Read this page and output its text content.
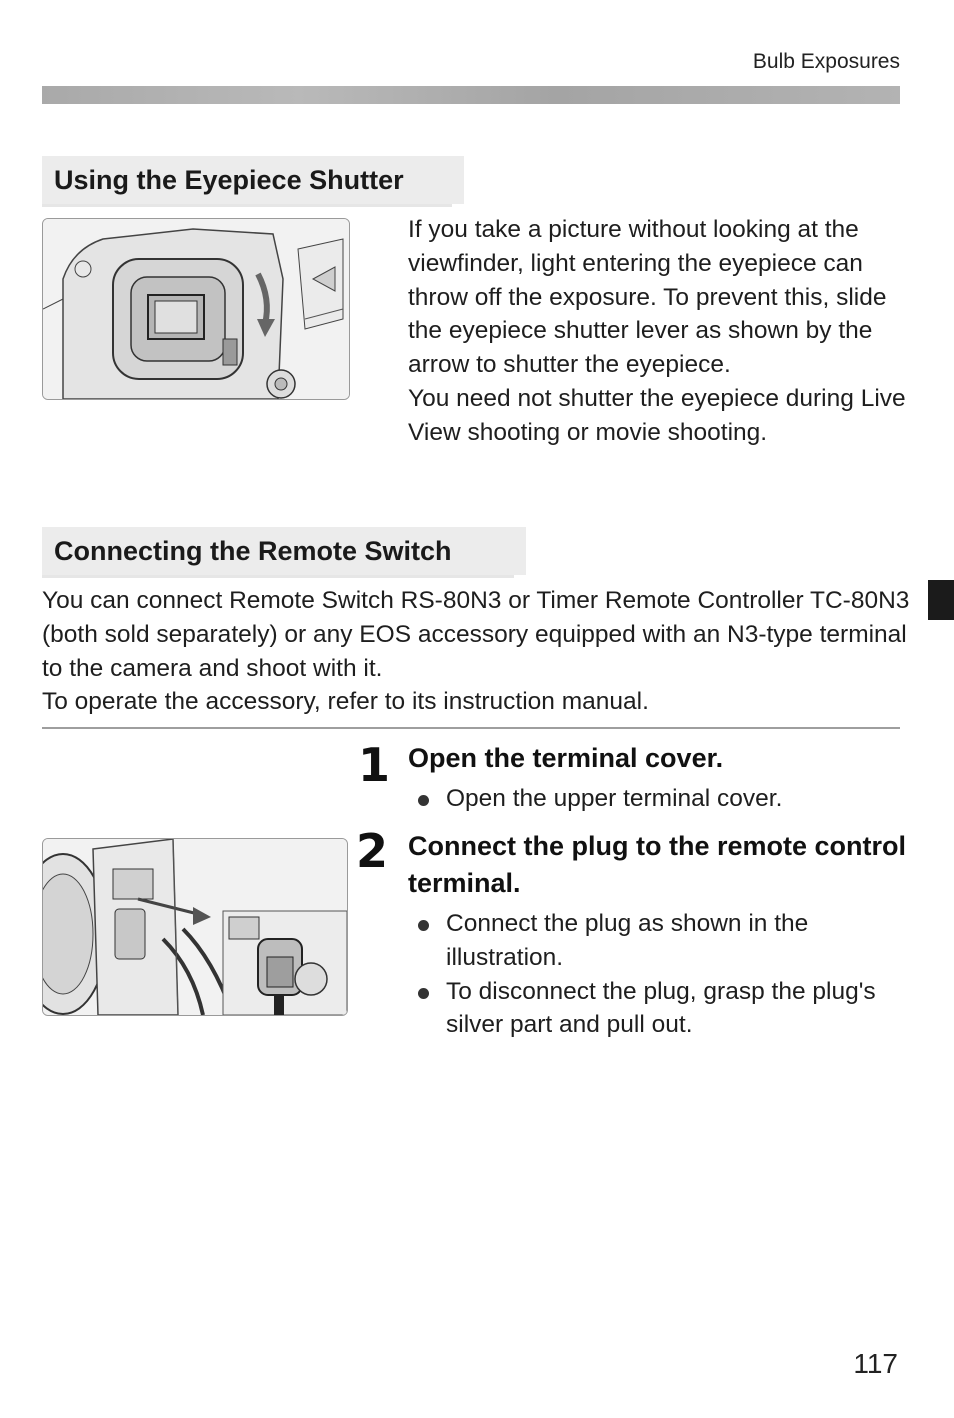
Bulb Exposures
Using the Eyepiece Shutter
If you take a picture without looking at the viewfinder, light entering the eyepiece can throw off the exposure. To prevent this, slide the eyepiece shutter lever as shown by the arrow to shutter the eyepiece.
You need not shutter the eyepiece during Live View shooting or movie shooting.
Connecting the Remote Switch
You can connect Remote Switch RS-80N3 or Timer Remote Controller TC-80N3 (both sold separately) or any EOS accessory equipped with an N3-type terminal to the camera and shoot with it.
To operate the accessory, refer to its instruction manual.
1 Open the terminal cover.
Open the upper terminal cover.
2 Connect the plug to the remote control terminal.
Connect the plug as shown in the illustration.
To disconnect the plug, grasp the plug's silver part and pull out.
117
